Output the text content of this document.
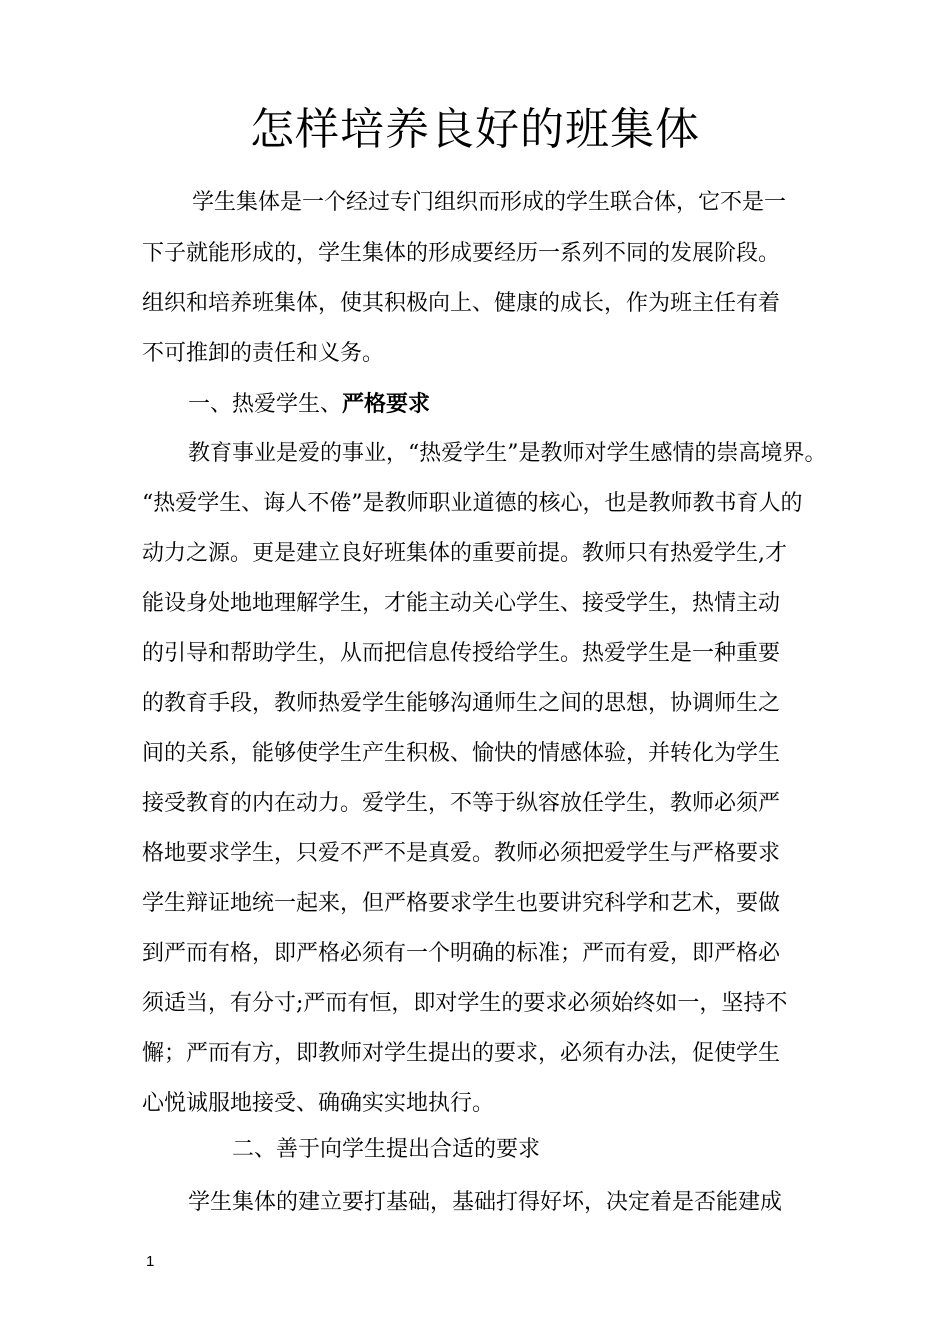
怎样培养良好的班集体

学生集体是一个经过专门组织而形成的学生联合体，它不是一

下子就能形成的，学生集体的形成要经历一系列不同的发展阶段。

组织和培养班集体，使其积极向上、健康的成长，作为班主任有着

不可推卸的责任和义务。

一、热爱学生、严格要求

教育事业是爱的事业，“热爱学生”是教师对学生感情的崇高境界。

“热爱学生、诲人不倦”是教师职业道德的核心，也是教师教书育人的

动力之源。更是建立良好班集体的重要前提。教师只有热爱学生,才

能设身处地地理解学生，才能主动关心学生、接受学生，热情主动

的引导和帮助学生，从而把信息传授给学生。热爱学生是一种重要

的教育手段，教师热爱学生能够沟通师生之间的思想，协调师生之

间的关系，能够使学生产生积极、愉快的情感体验，并转化为学生

接受教育的内在动力。爱学生，不等于纵容放任学生，教师必须严

格地要求学生，只爱不严不是真爱。教师必须把爱学生与严格要求

学生辩证地统一起来，但严格要求学生也要讲究科学和艺术，要做

到严而有格，即严格必须有一个明确的标准；严而有爱，即严格必

须适当，有分寸;严而有恒，即对学生的要求必须始终如一，坚持不

懈；严而有方，即教师对学生提出的要求，必须有办法，促使学生

心悦诚服地接受、确确实实地执行。

二、善于向学生提出合适的要求

学生集体的建立要打基础，基础打得好坏，决定着是否能建成

1
